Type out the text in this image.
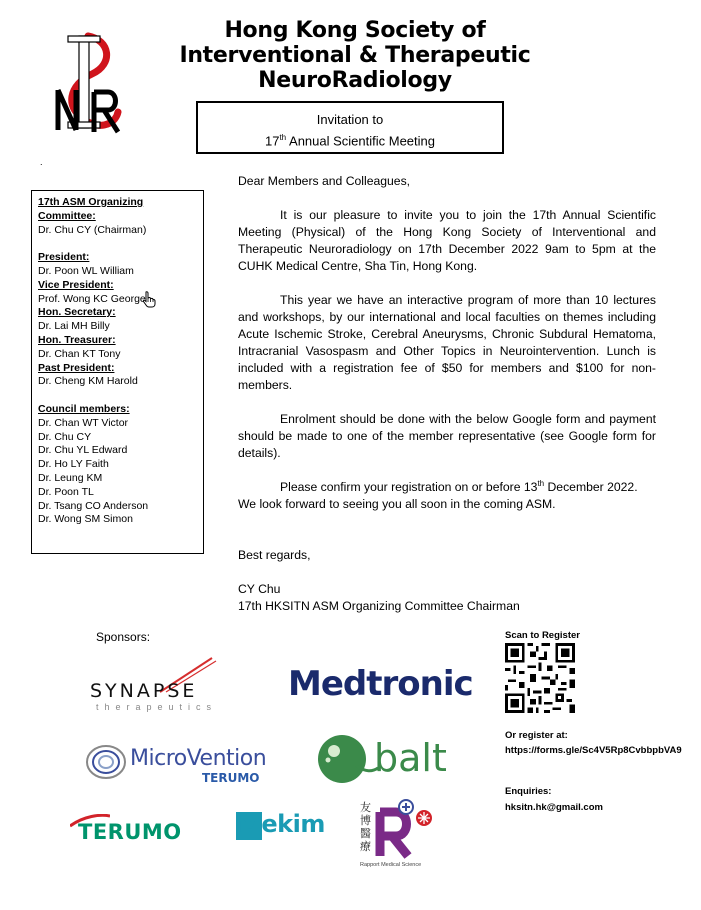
Hong Kong Society of
Interventional & Therapeutic
NeuroRadiology
Invitation to
17th Annual Scientific Meeting
.
17th ASM Organizing Committee:
Dr. Chu CY (Chairman)
President:
Dr. Poon WL William
Vice President:
Prof. Wong KC George
Hon. Secretary:
Dr. Lai MH Billy
Hon. Treasurer:
Dr. Chan KT Tony
Past President:
Dr. Cheng KM Harold
Council members:
Dr. Chan WT Victor
Dr. Chu CY
Dr. Chu YL Edward
Dr. Ho LY Faith
Dr. Leung KM
Dr. Poon TL
Dr. Tsang CO Anderson
Dr. Wong SM Simon

Dear Members and Colleagues,

It is our pleasure to invite you to join the 17th Annual Scientific Meeting (Physical) of the Hong Kong Society of Interventional and Therapeutic Neuroradiology on 17th December 2022 9am to 5pm at the CUHK Medical Centre, Sha Tin, Hong Kong.

This year we have an interactive program of more than 10 lectures and workshops, by our international and local faculties on themes including Acute Ischemic Stroke, Cerebral Aneurysms, Chronic Subdural Hematoma, Intracranial Vasospasm and Other Topics in Neurointervention. Lunch is included with a registration fee of $50 for members and $100 for non-members.

Enrolment should be done with the below Google form and payment should be made to one of the member representative (see Google form for details).

Please confirm your registration on or before 13th December 2022.

We look forward to seeing you all soon in the coming ASM.

Best regards,

CY Chu

17th HKSITN ASM Organizing Committee Chairman

Sponsors:
SYNAPSE
therapeutics
Medtronic
MicroVention
TERUMO	balt
TERUMO Mekim
友博醫療
Rapport Medical Science
Scan to Register
Or register at:
https://forms.gle/Sc4V5Rp8CvbbpbVA9
Enquiries:
hksitn.hk@gmail.com
